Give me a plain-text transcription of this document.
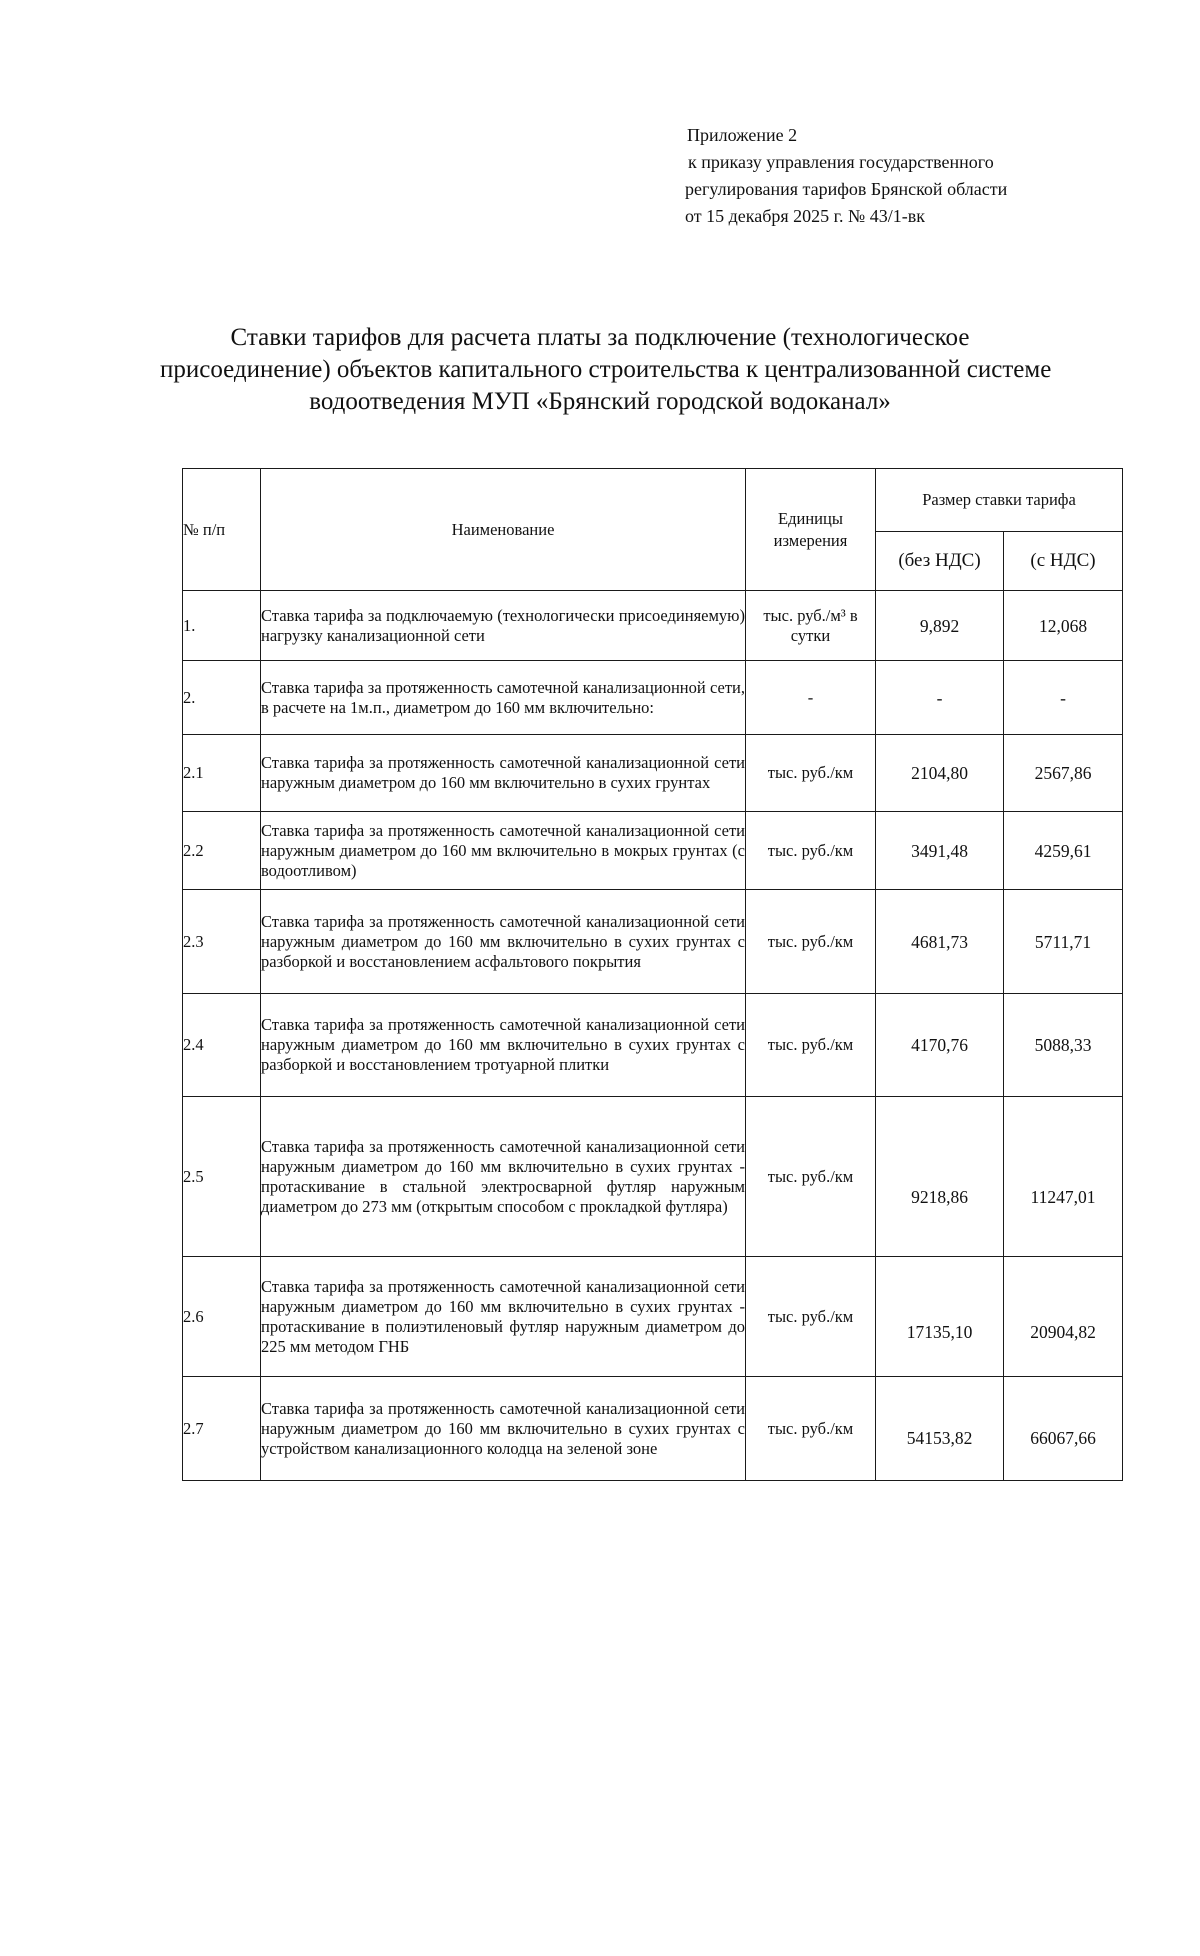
Приложение 2
к приказу управления государственного
регулирования тарифов Брянской области
от 15 декабря 2025 г. № 43/1-вк
Ставки тарифов для расчета платы за подключение (технологическое
присоединение) объектов капитального строительства к централизованной системе
водоотведения МУП «Брянский городской водоканал»
№ п/п	Наименование	Единицы измерения	Размер ставки тарифа	
			(без НДС)	(с НДС)
1.	Ставка тарифа за подключаемую (технологически присоединяемую) нагрузку канализационной сети	тыс. руб./м³ в сутки	9,892	12,068
2.	Ставка тарифа за протяженность самотечной канализационной сети, в расчете на 1м.п., диаметром до 160 мм включительно:	-	-	-
2.1	Ставка тарифа за протяженность самотечной канализационной сети наружным диаметром до 160 мм включительно в сухих грунтах	тыс. руб./км	2104,80	2567,86
2.2	Ставка тарифа за протяженность самотечной канализационной сети наружным диаметром до 160 мм включительно в мокрых грунтах (с водоотливом)	тыс. руб./км	3491,48	4259,61
2.3	Ставка тарифа за протяженность самотечной канализационной сети наружным диаметром до 160 мм включительно в сухих грунтах с разборкой и восстановлением асфальтового покрытия	тыс. руб./км	4681,73	5711,71
2.4	Ставка тарифа за протяженность самотечной канализационной сети наружным диаметром до 160 мм включительно в сухих грунтах с разборкой и восстановлением тротуарной плитки	тыс. руб./км	4170,76	5088,33
2.5	Ставка тарифа за протяженность самотечной канализационной сети наружным диаметром до 160 мм включительно в сухих грунтах - протаскивание в стальной электросварной футляр наружным диаметром до 273 мм (открытым способом с прокладкой футляра)	тыс. руб./км	9218,86	11247,01
2.6	Ставка тарифа за протяженность самотечной канализационной сети наружным диаметром до 160 мм включительно в сухих грунтах - протаскивание в полиэтиленовый футляр наружным диаметром до 225 мм методом ГНБ	тыс. руб./км	17135,10	20904,82
2.7	Ставка тарифа за протяженность самотечной канализационной сети наружным диаметром до 160 мм включительно в сухих грунтах с устройством канализационного колодца на зеленой зоне	тыс. руб./км	54153,82	66067,66
